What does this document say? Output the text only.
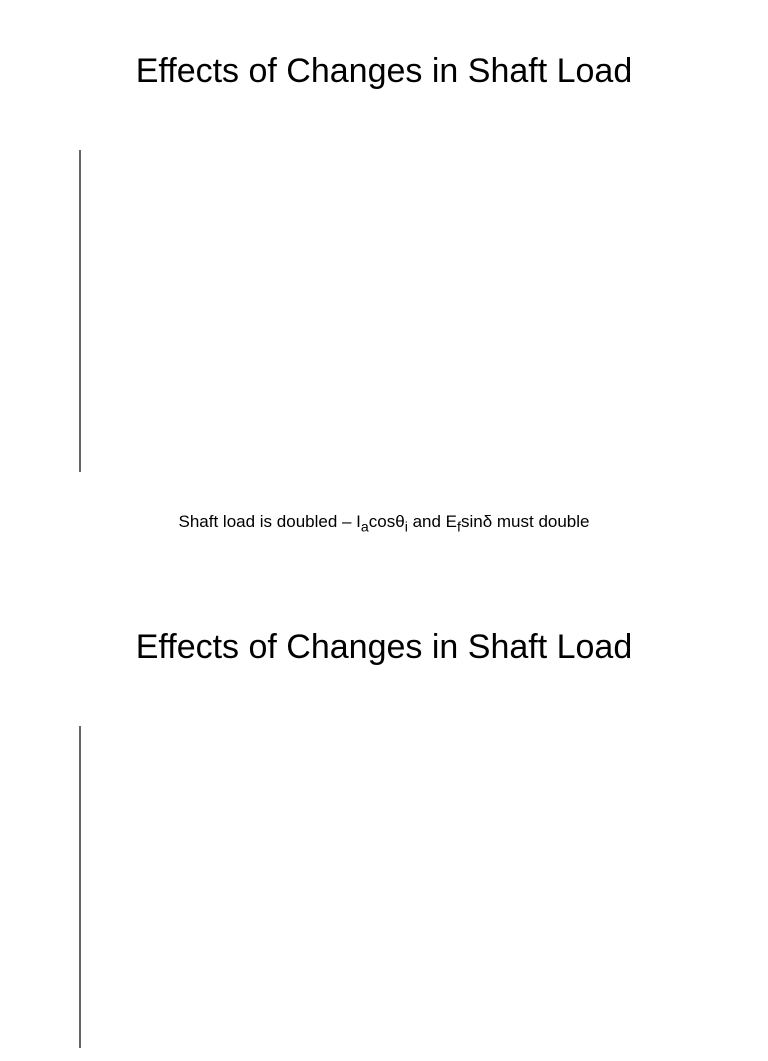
Effects of Changes in Shaft Load
Shaft load is doubled – $I_a\cos\theta_i$ and $E_f\sin\delta$ must double
Effects of Changes in Shaft Load
